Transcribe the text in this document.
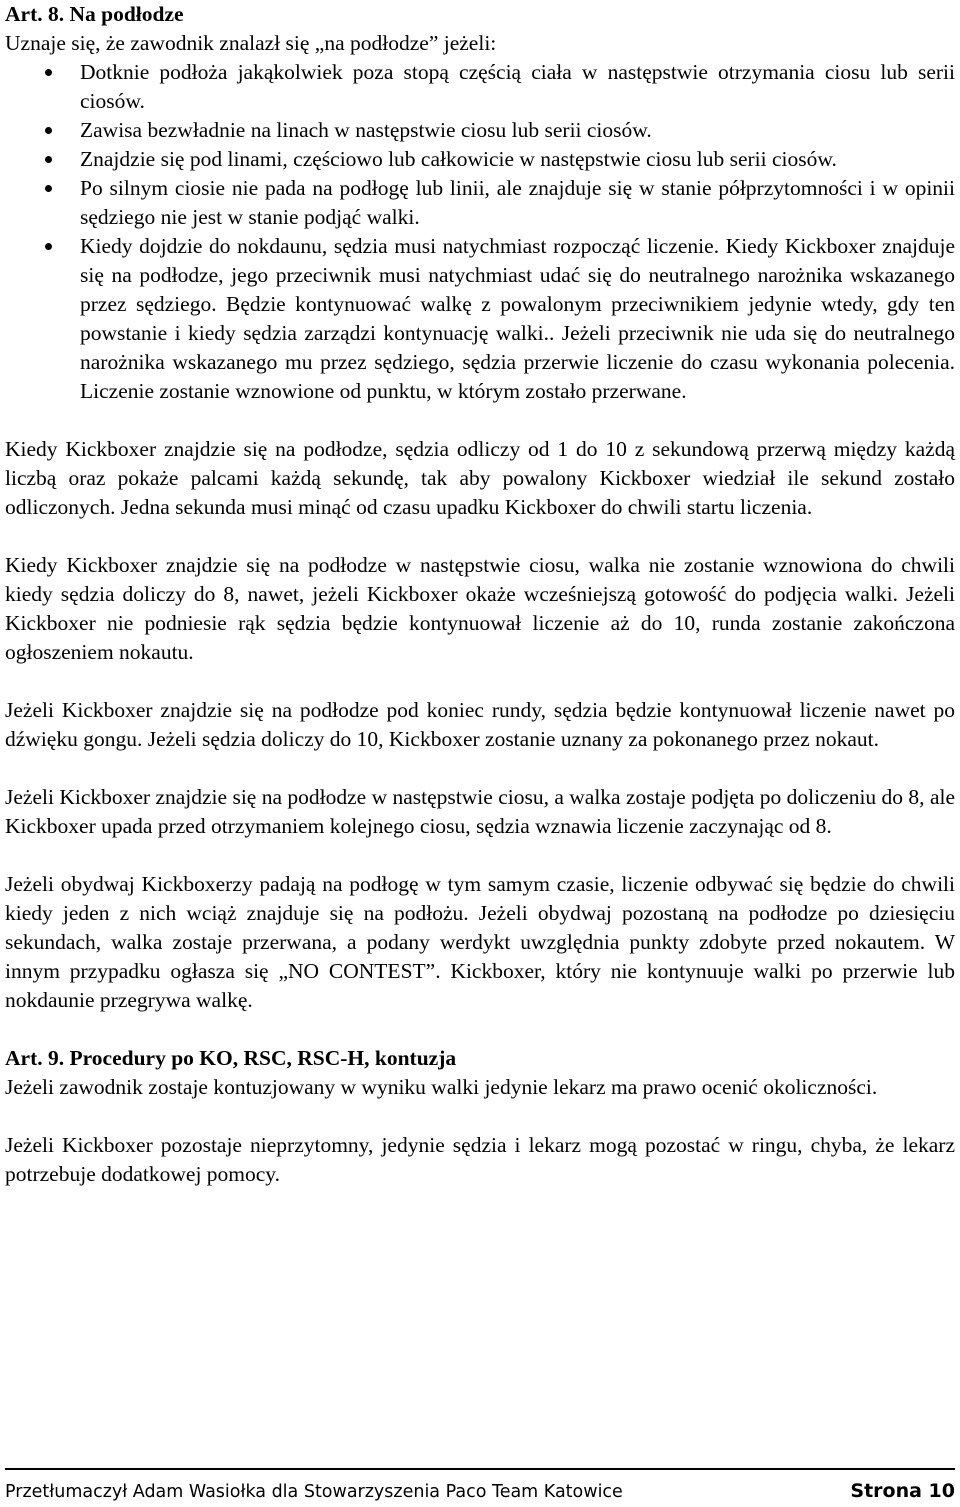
Art. 8. Na podłodze

Uznaje się, że zawodnik znalazł się „na podłodze” jeżeli:

Dotknie podłoża jakąkolwiek poza stopą częścią ciała w następstwie otrzymania ciosu lub serii ciosów.
Zawisa bezwładnie na linach w następstwie ciosu lub serii ciosów.
Znajdzie się pod linami, częściowo lub całkowicie w następstwie ciosu lub serii ciosów.
Po silnym ciosie nie pada na podłogę lub linii, ale znajduje się w stanie półprzytomności i w opinii sędziego nie jest w stanie podjąć walki.
Kiedy dojdzie do nokdaunu, sędzia musi natychmiast rozpocząć liczenie. Kiedy Kickboxer znajduje się na podłodze, jego przeciwnik musi natychmiast udać się do neutralnego narożnika wskazanego przez sędziego. Będzie kontynuować walkę z powalonym przeciwnikiem jedynie wtedy, gdy ten powstanie i kiedy sędzia zarządzi kontynuację walki.. Jeżeli przeciwnik nie uda się do neutralnego narożnika wskazanego mu przez sędziego, sędzia przerwie liczenie do czasu wykonania polecenia. Liczenie zostanie wznowione od punktu, w którym zostało przerwane.

Kiedy Kickboxer znajdzie się na podłodze, sędzia odliczy od 1 do 10 z sekundową przerwą między każdą liczbą oraz pokaże palcami każdą sekundę, tak aby powalony Kickboxer wiedział ile sekund zostało odliczonych. Jedna sekunda musi minąć od czasu upadku Kickboxer do chwili startu liczenia.

Kiedy Kickboxer znajdzie się na podłodze w następstwie ciosu, walka nie zostanie wznowiona do chwili kiedy sędzia doliczy do 8, nawet, jeżeli Kickboxer okaże wcześniejszą gotowość do podjęcia walki. Jeżeli Kickboxer nie podniesie rąk sędzia będzie kontynuował liczenie aż do 10, runda zostanie zakończona ogłoszeniem nokautu.

Jeżeli Kickboxer znajdzie się na podłodze pod koniec rundy, sędzia będzie kontynuował liczenie nawet po dźwięku gongu. Jeżeli sędzia doliczy do 10, Kickboxer zostanie uznany za pokonanego przez nokaut.

Jeżeli Kickboxer znajdzie się na podłodze w następstwie ciosu, a walka zostaje podjęta po doliczeniu do 8, ale Kickboxer upada przed otrzymaniem kolejnego ciosu, sędzia wznawia liczenie zaczynając od 8.

Jeżeli obydwaj Kickboxerzy padają na podłogę w tym samym czasie, liczenie odbywać się będzie do chwili kiedy jeden z nich wciąż znajduje się na podłożu. Jeżeli obydwaj pozostaną na podłodze po dziesięciu sekundach, walka zostaje przerwana, a podany werdykt uwzględnia punkty zdobyte przed nokautem. W innym przypadku ogłasza się „NO CONTEST”. Kickboxer, który nie kontynuuje walki po przerwie lub nokdaunie przegrywa walkę.

Art. 9. Procedury po KO, RSC, RSC-H, kontuzja

Jeżeli zawodnik zostaje kontuzjowany w wyniku walki jedynie lekarz ma prawo ocenić okoliczności.

Jeżeli Kickboxer pozostaje nieprzytomny, jedynie sędzia i lekarz mogą pozostać w ringu, chyba, że lekarz potrzebuje dodatkowej pomocy.

Przetłumaczył Adam Wasiołka dla Stowarzyszenia Paco Team Katowice	Strona 10
